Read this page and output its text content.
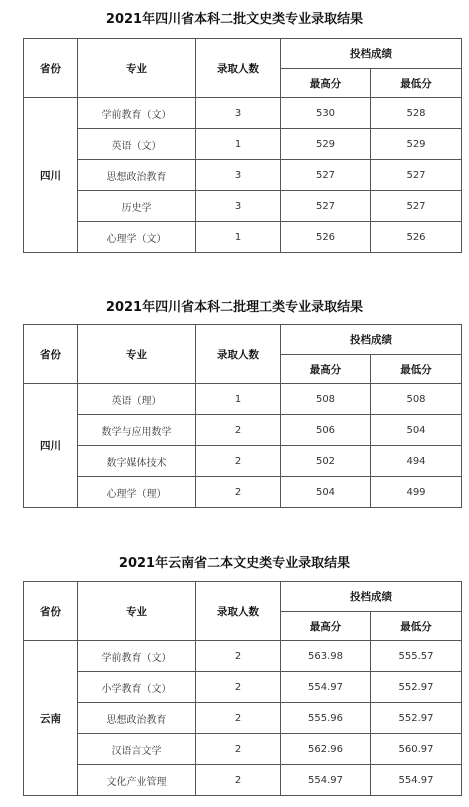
2021年四川省本科二批文史类专业录取结果
省份	专业	录取人数	投档成绩	
			最高分	最低分
四川	学前教育（文）	3	530	528
	英语（文）	1	529	529
	思想政治教育	3	527	527
	历史学	3	527	527
	心理学（文）	1	526	526
2021年四川省本科二批理工类专业录取结果
省份	专业	录取人数	投档成绩	
			最高分	最低分
四川	英语（理）	1	508	508
	数学与应用数学	2	506	504
	数字媒体技术	2	502	494
	心理学（理）	2	504	499
2021年云南省二本文史类专业录取结果
省份	专业	录取人数	投档成绩	
			最高分	最低分
云南	学前教育（文）	2	563.98	555.57
	小学教育（文）	2	554.97	552.97
	思想政治教育	2	555.96	552.97
	汉语言文学	2	562.96	560.97
	文化产业管理	2	554.97	554.97
